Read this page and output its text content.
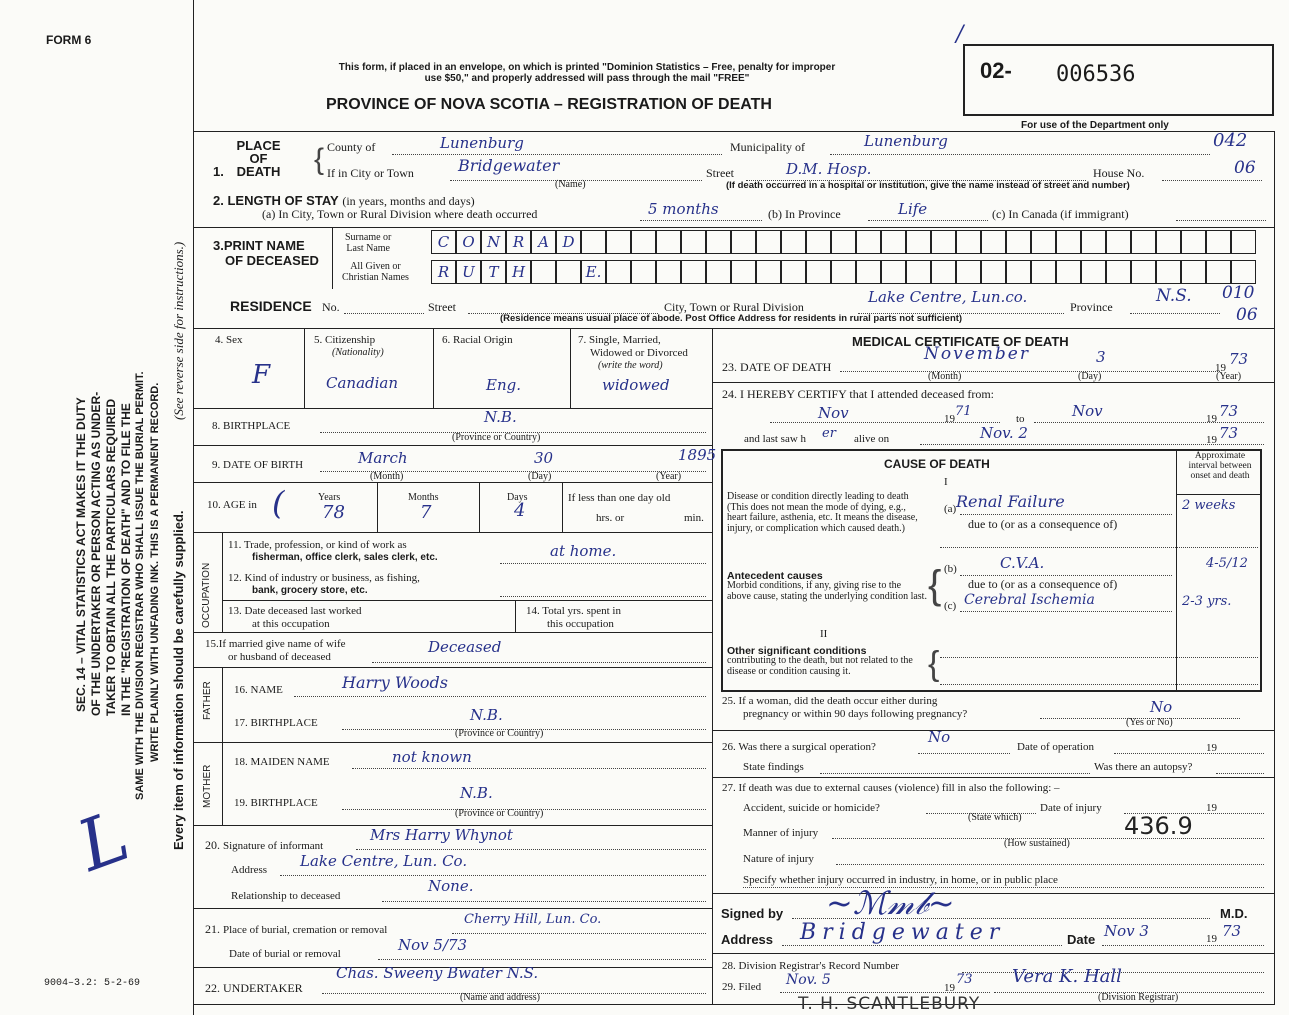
FORM 6
This form, if placed in an envelope, on which is printed "Dominion Statistics – Free, penalty for improper
use $50," and properly addressed will pass through the mail "FREE"
PROVINCE OF NOVA SCOTIA – REGISTRATION OF DEATH
/
02- 006536
For use of the Department only
SEC. 14 – VITAL STATISTICS ACT MAKES IT THE DUTY OF THE UNDERTAKER OR PERSON ACTING AS UNDER- TAKER TO OBTAIN ALL THE PARTICULARS REQUIRED IN THE "REGISTRATION OF DEATH" AND TO FILE THE SAME WITH THE DIVISION REGISTRAR WHO SHALL ISSUE THE BURIAL PERMIT. WRITE PLAINLY WITH UNFADING INK. THIS IS A PERMANENT RECORD.
(See reverse side for instructions.)
Every item of information should be carefully supplied.
L
9004–3.2: 5-2-69
1. PLACE OF DEATH	{ County of	Lunenburg	Municipality of	Lunenburg	042
If in City or Town	Bridgewater
(Name)
Street	D.M. Hosp.	House No.	06
(If death occurred in a hospital or institution, give the name instead of street and number)
2. LENGTH OF STAY (in years, months and days)
(a) In City, Town or Rural Division where death occurred	5 months	(b) In Province	Life	(c) In Canada (if immigrant)
3.PRINT NAME
OF DECEASED
Surname or
Last Name
All Given or
Christian Names
C O N R A D
R U T H	E.
RESIDENCE No.	Street	City, Town or Rural Division
Lake Centre, Lun.co.
Province
N.S. 010
06
(Residence means usual place of abode. Post Office Address for residents in rural parts not sufficient)
4. Sex
F
5. Citizenship
(Nationality)
Canadian
6. Racial Origin
Eng.
7. Single, Married,
Widowed or Divorced
(write the word)
widowed
8. BIRTHPLACE	N.B.
(Province or Country)
9. DATE OF BIRTH	March	30	1895
(Month)	(Day)	(Year)
10. AGE in (	Years	Months	Days
78	7	4
If less than one day old
hrs. or	min.
OCCUPATION
11. Trade, profession, or kind of work as
fisherman, office clerk, sales clerk, etc.	at home.
12. Kind of industry or business, as fishing,
bank, grocery store, etc.
13. Date deceased last worked
at this occupation
14. Total yrs. spent in
this occupation
15.If married give name of wife
or husband of deceased
Deceased
FATHER 16. NAME	Harry Woods
17. BIRTHPLACE	N.B.
(Province or Country)
MOTHER
18. MAIDEN NAME	not known
19. BIRTHPLACE
N.B.
(Province or Country)
20. Signature of informant
Mrs Harry Whynot
Address Lake Centre, Lun. Co.
Relationship to deceased
None.
21. Place of burial, cremation or removal
Cherry Hill, Lun. Co.
Date of burial or removal	Nov 5/73
22. UNDERTAKER
Chas. Sweeny Bwater N.S.
(Name and address)
MEDICAL CERTIFICATE OF DEATH
23. DATE OF DEATH
November	3
19 73
(Month)	(Day)	(Year)
24. I HEREBY CERTIFY that I attended deceased from:
Nov	19 71	to	Nov	19 73
and last saw h er alive on	Nov. 2	19 73
CAUSE OF DEATH
Approximate interval between onset and death
I
Disease or condition directly leading to death (This does not mean the mode of dying, e.g., heart failure, asthenia, etc. It means the disease, injury, or complication which caused death.)
(a) Renal Failure	2 weeks
due to (or as a consequence of)
Antecedent causes
Morbid conditions, if any, giving rise to the above cause, stating the underlying condition last. { (b)	C.V.A.	4-5/12
due to (or as a consequence of)
(c) Cerebral Ischemia	2-3 yrs.
II
Other significant conditions
contributing to the death, but not related to the disease or condition causing it.	{
25. If a woman, did the death occur either during
pregnancy or within 90 days following pregnancy?	No
(Yes or No)
26. Was there a surgical operation?
No
Date of operation	19
State findings	Was there an autopsy?
27. If death was due to external causes (violence) fill in also the following: –
Accident, suicide or homicide?
(State which)
Date of injury	19
Manner of injury	436.9
(How sustained)
Nature of injury
Specify whether injury occurred in industry, in home, or in public place
Signed by ~ℳ𝓂𝒷~	M.D.
Address Bridgewater	Date Nov 3	19 73
28. Division Registrar's Record Number
29. Filed Nov. 5	19
73 Vera K. Hall
(Division Registrar)
T. H. SCANTLEBURY
